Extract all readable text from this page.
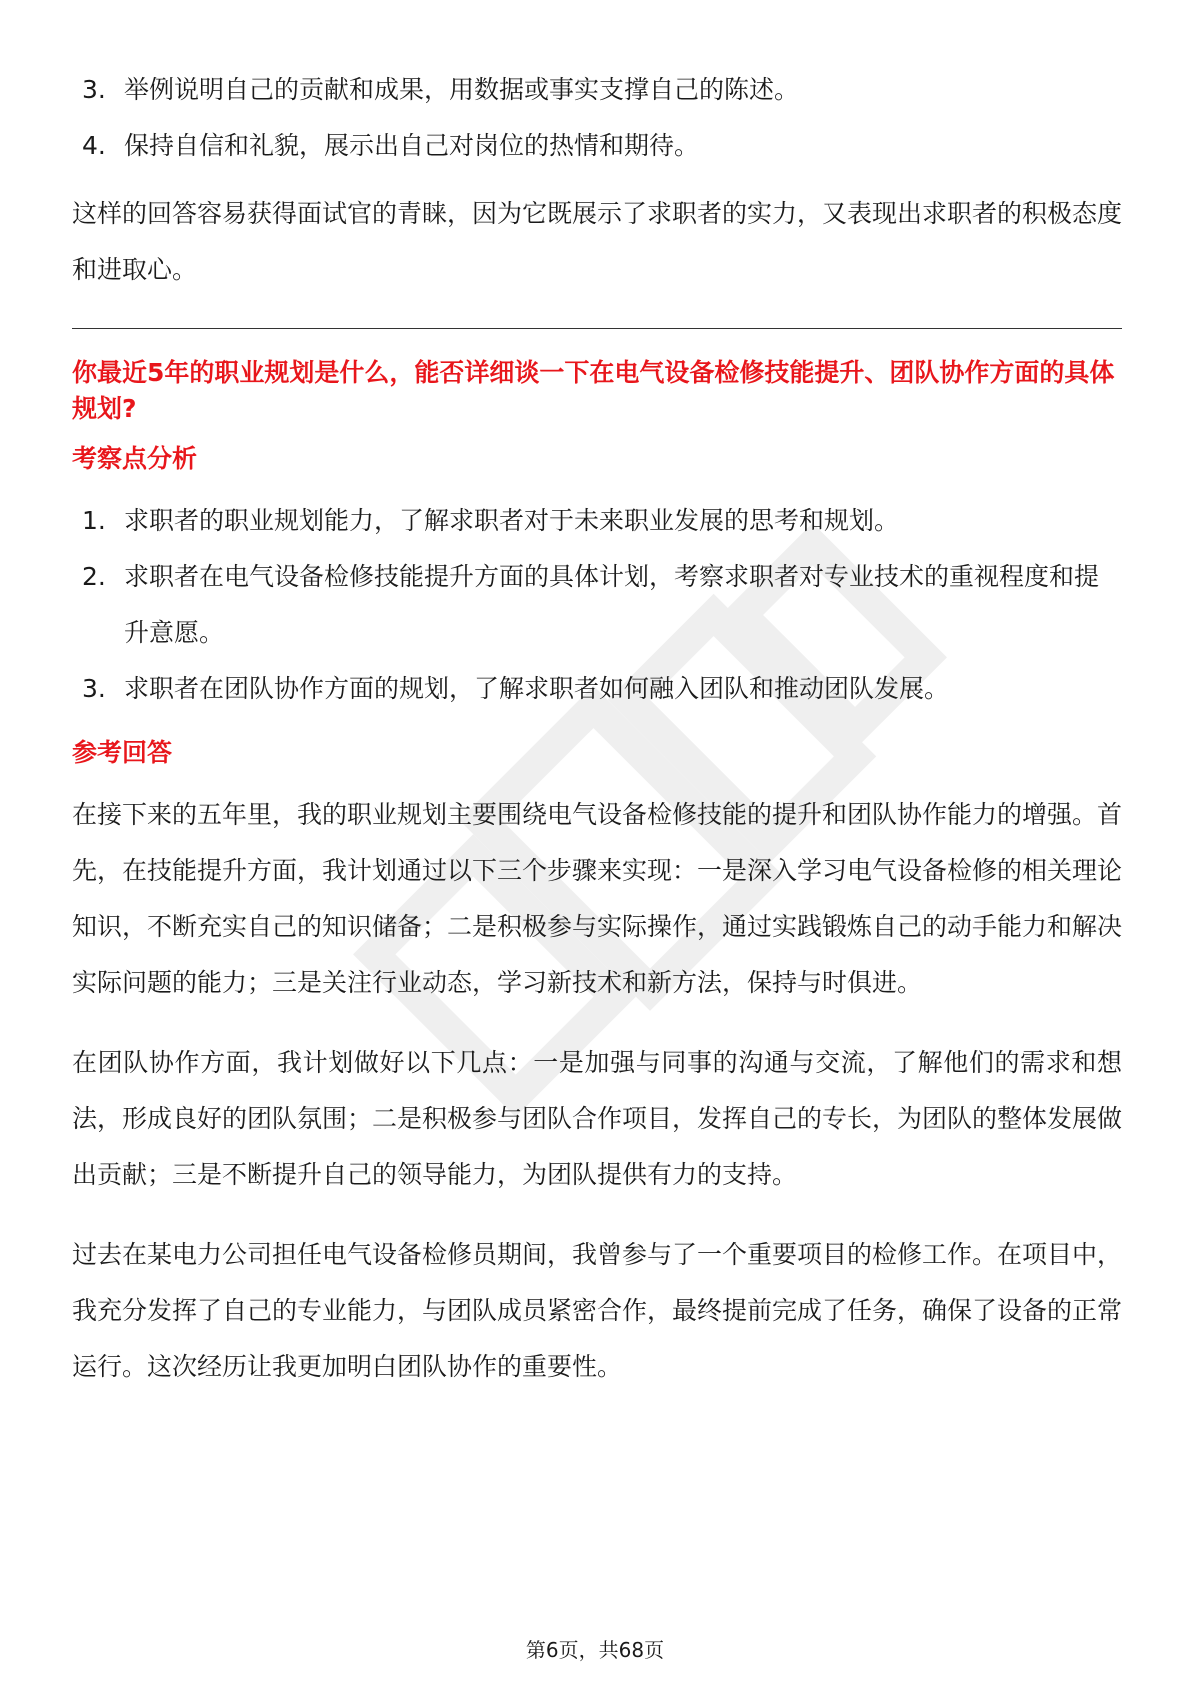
3. 举例说明自己的贡献和成果，用数据或事实支撑自己的陈述。
4. 保持自信和礼貌，展示出自己对岗位的热情和期待。

这样的回答容易获得面试官的青睐，因为它既展示了求职者的实力，又表现出求职者的积极态度和进取心。

你最近5年的职业规划是什么，能否详细谈一下在电气设备检修技能提升、团队协作方面的具体规划?
考察点分析
1. 求职者的职业规划能力，了解求职者对于未来职业发展的思考和规划。
2. 求职者在电气设备检修技能提升方面的具体计划，考察求职者对专业技术的重视程度和提升意愿。
3. 求职者在团队协作方面的规划，了解求职者如何融入团队和推动团队发展。
参考回答

在接下来的五年里，我的职业规划主要围绕电气设备检修技能的提升和团队协作能力的增强。首先，在技能提升方面，我计划通过以下三个步骤来实现：一是深入学习电气设备检修的相关理论知识，不断充实自己的知识储备；二是积极参与实际操作，通过实践锻炼自己的动手能力和解决实际问题的能力；三是关注行业动态，学习新技术和新方法，保持与时俱进。

在团队协作方面，我计划做好以下几点：一是加强与同事的沟通与交流，了解他们的需求和想法，形成良好的团队氛围；二是积极参与团队合作项目，发挥自己的专长，为团队的整体发展做出贡献；三是不断提升自己的领导能力，为团队提供有力的支持。

过去在某电力公司担任电气设备检修员期间，我曾参与了一个重要项目的检修工作。在项目中，我充分发挥了自己的专业能力，与团队成员紧密合作，最终提前完成了任务，确保了设备的正常运行。这次经历让我更加明白团队协作的重要性。

第6页，共68页
